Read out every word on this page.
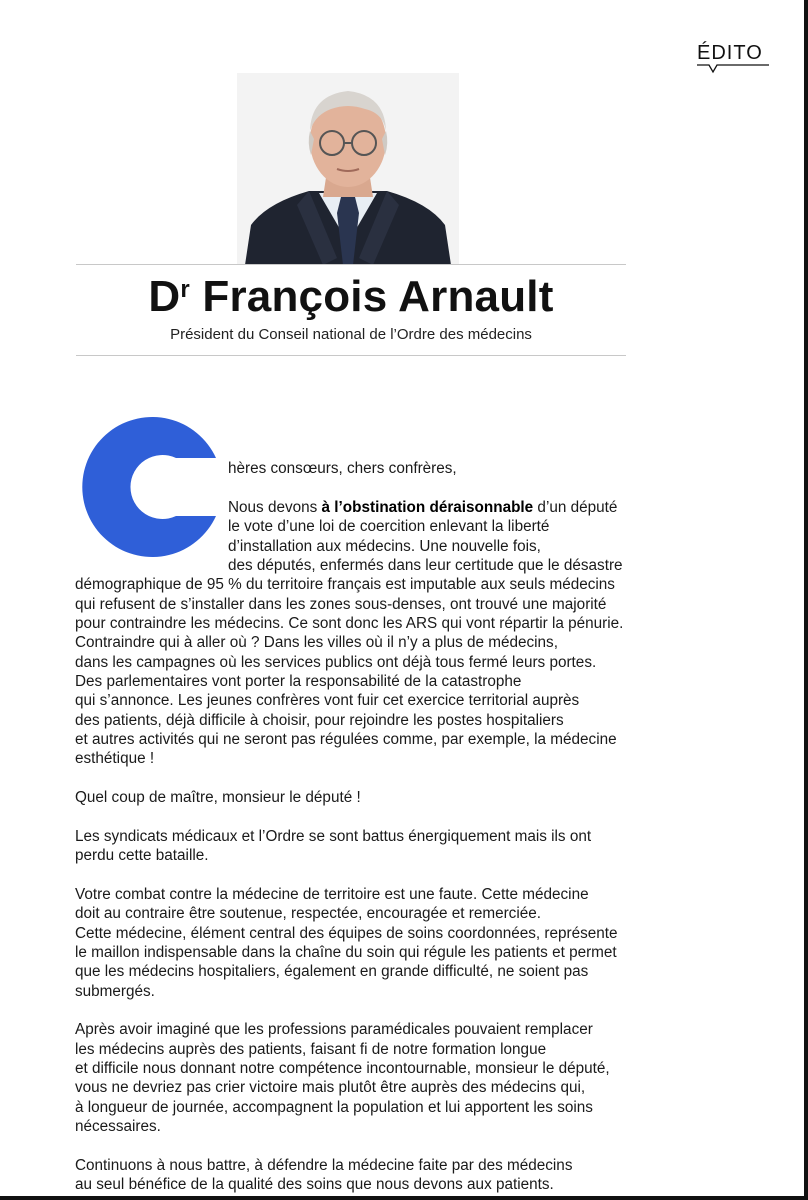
ÉDITO
$D^r$ François Arnault
Président du Conseil national de l’Ordre des médecins
hères consœurs, chers confrères,
Nous devons à l’obstination déraisonnable d’un député
le vote d’une loi de coercition enlevant la liberté
d’installation aux médecins. Une nouvelle fois,
des députés, enfermés dans leur certitude que le désastre
démographique de 95 % du territoire français est imputable aux seuls médecins
qui refusent de s’installer dans les zones sous-denses, ont trouvé une majorité
pour contraindre les médecins. Ce sont donc les ARS qui vont répartir la pénurie.
Contraindre qui à aller où ? Dans les villes où il n’y a plus de médecins,
dans les campagnes où les services publics ont déjà tous fermé leurs portes.
Des parlementaires vont porter la responsabilité de la catastrophe
qui s’annonce. Les jeunes confrères vont fuir cet exercice territorial auprès
des patients, déjà difficile à choisir, pour rejoindre les postes hospitaliers
et autres activités qui ne seront pas régulées comme, par exemple, la médecine
esthétique !
Quel coup de maître, monsieur le député !
Les syndicats médicaux et l’Ordre se sont battus énergiquement mais ils ont
perdu cette bataille.
Votre combat contre la médecine de territoire est une faute. Cette médecine
doit au contraire être soutenue, respectée, encouragée et remerciée.
Cette médecine, élément central des équipes de soins coordonnées, représente
le maillon indispensable dans la chaîne du soin qui régule les patients et permet
que les médecins hospitaliers, également en grande difficulté, ne soient pas
submergés.
Après avoir imaginé que les professions paramédicales pouvaient remplacer
les médecins auprès des patients, faisant fi de notre formation longue
et difficile nous donnant notre compétence incontournable, monsieur le député,
vous ne devriez pas crier victoire mais plutôt être auprès des médecins qui,
à longueur de journée, accompagnent la population et lui apportent les soins
nécessaires.
Continuons à nous battre, à défendre la médecine faite par des médecins
au seul bénéfice de la qualité des soins que nous devons aux patients.
